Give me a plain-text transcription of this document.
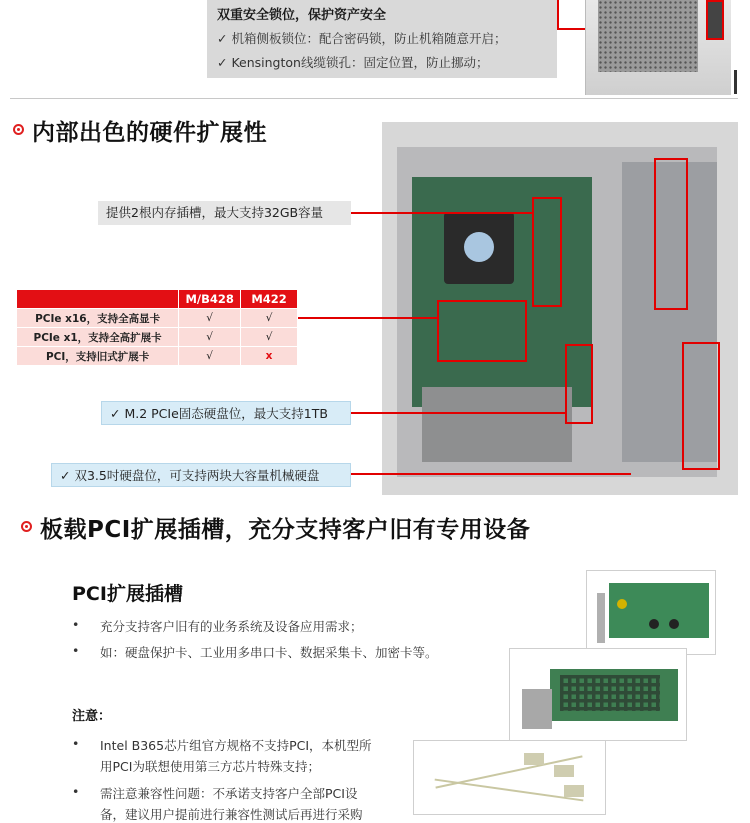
双重安全锁位，保护资产安全
✓ 机箱侧板锁位：配合密码锁，防止机箱随意开启；
✓ Kensington线缆锁孔：固定位置，防止挪动；
内部出色的硬件扩展性
提供2根内存插槽，最大支持32GB容量
✓ M.2 PCIe固态硬盘位，最大支持1TB
✓ 双3.5吋硬盘位，可支持两块大容量机械硬盘
	M/B428	M422
PCIe x16，支持全高显卡	√	√
PCIe x1，支持全高扩展卡	√	√
PCI，支持旧式扩展卡	√	x
板载PCI扩展插槽，充分支持客户旧有专用设备
PCI扩展插槽
• 充分支持客户旧有的业务系统及设备应用需求；
• 如：硬盘保护卡、工业用多串口卡、数据采集卡、加密卡等。
注意：
• Intel B365芯片组官方规格不支持PCI，本机型所
用PCI为联想使用第三方芯片特殊支持；
• 需注意兼容性问题：不承诺支持客户全部PCI设
备，建议用户提前进行兼容性测试后再进行采购
